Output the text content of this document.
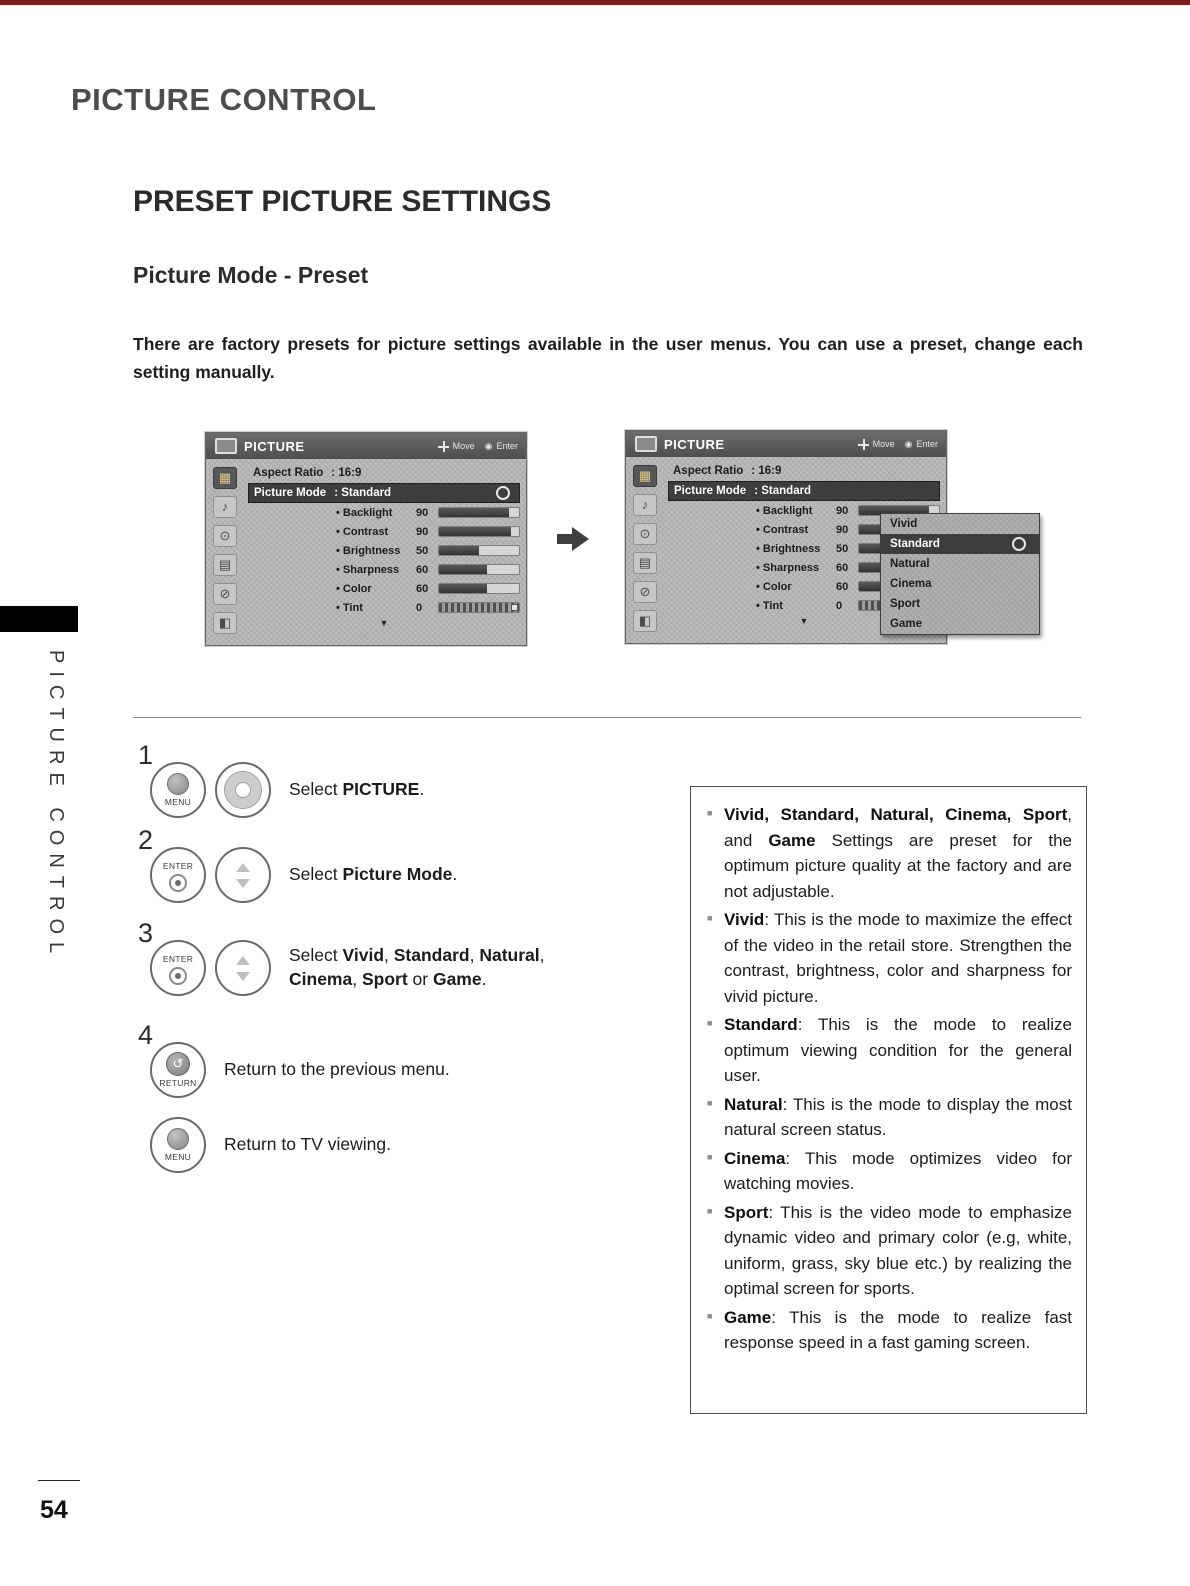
PICTURE CONTROL
PRESET PICTURE SETTINGS
Picture Mode - Preset

There are factory presets for picture settings available in the user menus. You can use a preset, change each setting manually.

PICTURE	Move ◉ Enter
▦
♪
⊙
▤
⊘
◧
Aspect Ratio : 16:9
Picture Mode : Standard
• Backlight	90
• Contrast	90
• Brightness	50
• Sharpness	60
• Color	60
• Tint	0
▼
PICTURE	Move ◉ Enter
▦
♪
⊙
▤
⊘
◧
Aspect Ratio : 16:9
Picture Mode : Standard
• Backlight	90
• Contrast	90
• Brightness	50
• Sharpness	60
• Color	60
• Tint	0
▼
Vivid
Standard
Natural
Cinema
Sport
Game
1
MENU

Select PICTURE.

2
ENTER	Select Picture Mode.

3
ENTER	Select Vivid, Standard, Natural, Cinema, Sport or Game.

4
↺
RETURN

Return to the previous menu.

MENU

Return to TV viewing.

■ Vivid, Standard, Natural, Cinema, Sport, and Game Settings are preset for the optimum picture quality at the factory and are not adjustable.

■ Vivid: This is the mode to maximize the effect of the video in the retail store. Strengthen the contrast, brightness, color and sharpness for vivid picture.

■ Standard: This is the mode to realize optimum viewing condition for the general user.

■ Natural: This is the mode to display the most natural screen status.

■ Cinema: This mode optimizes video for watching movies.

■ Sport: This is the video mode to emphasize dynamic video and primary color (e.g, white, uniform, grass, sky blue etc.) by realizing the optimal screen for sports.

■ Game: This is the mode to realize fast response speed in a fast gaming screen.

PICTURE CONTROL
54
